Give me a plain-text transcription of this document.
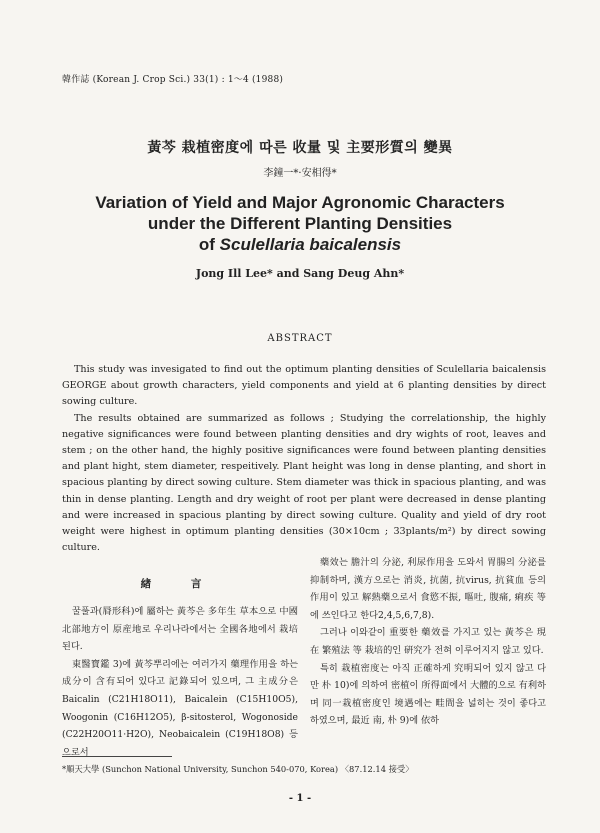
韓作誌 (Korean J. Crop Sci.) 33(1) : 1～4 (1988)
黃芩 栽植密度에 따른 收量 및 主要形質의 變異
李鐘一*·安相得*
Variation of Yield and Major Agronomic Characters
under the Different Planting Densities
of Sculellaria baicalensis
Jong Ill Lee* and Sang Deug Ahn*
ABSTRACT

This study was invesigated to find out the optimum planting densities of Sculellaria baicalensis GEORGE about growth characters, yield components and yield at 6 planting densities by direct sowing culture.

The results obtained are summarized as follows ; Studying the correlationship, the highly negative significances were found between planting densities and dry wights of root, leaves and stem ; on the other hand, the highly positive significances were found between planting densities and plant hight, stem diameter, respeitively. Plant height was long in dense planting, and short in spacious planting by direct sowing culture. Stem diameter was thick in spacious planting, and was thin in dense planting. Length and dry weight of root per plant were decreased in dense planting and were increased in spacious planting by direct sowing culture. Quality and yield of dry root weight were highest in optimum planting densities (30×10cm ; 33plants/m²) by direct sowing culture.

緖 言

꿀풀과(脣形科)에 屬하는 黃芩은 多年生 草本으로 中國北部地方이 原産地로 우리나라에서는 全國各地에서 栽培된다.

東醫寶鑑 3)에 黃芩뿌리에는 여러가지 藥理作用을 하는 成分이 含有되어 있다고 記錄되어 있으며, 그 主成分은 Baicalin (C21H18O11), Baicalein (C15H10O5), Woogonin (C16H12O5), β-sitosterol, Wogonoside (C22H20O11·H2O), Neobaicalein (C19H18O8) 등으로서

藥效는 膽汁의 分泌, 利尿作用을 도와서 胃腸의 分泌를 抑制하며, 漢方으로는 消炎, 抗菌, 抗virus, 抗貧血 등의 作用이 있고 解熱藥으로서 食慾不振, 嘔吐, 腹痛, 痢疾 等에 쓰인다고 한다2,4,5,6,7,8).

그러나 이와같이 重要한 藥效를 가지고 있는 黃芩은 現在 繁殖法 等 栽培的인 硏究가 전혀 이루어지지 않고 있다.

특히 栽植密度는 아직 正確하게 究明되어 있지 않고 다만 朴 10)에 의하여 密植이 所得面에서 大體的으로 有利하며 同一栽植密度인 境遇에는 畦間을 넓히는 것이 좋다고 하였으며, 最近 南, 朴 9)에 依하

*順天大學 (Sunchon National University, Sunchon 540-070, Korea) 〈87.12.14 接受〉
- 1 -
